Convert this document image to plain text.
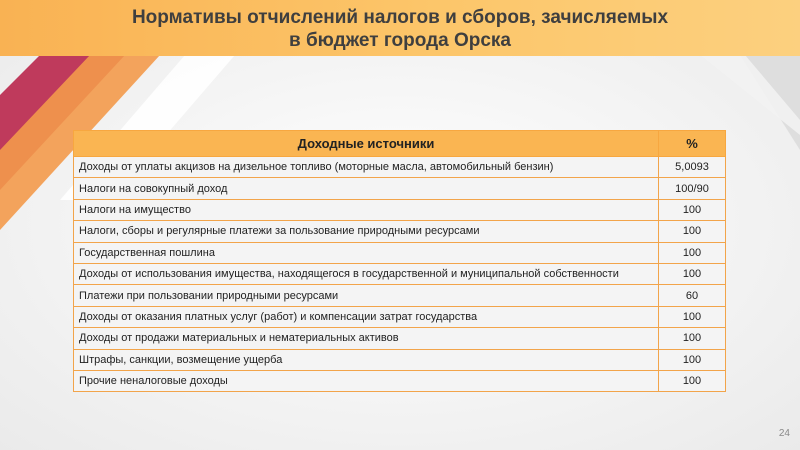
Нормативы отчислений налогов и сборов, зачисляемых
в бюджет города Орска
Доходные источники	%
Доходы от уплаты акцизов на дизельное топливо (моторные масла, автомобильный бензин)	5,0093
Налоги на совокупный доход	100/90
Налоги на имущество	100
Налоги, сборы и регулярные платежи за пользование природными ресурсами	100
Государственная пошлина	100
Доходы от использования имущества, находящегося в государственной и муниципальной собственности	100
Платежи при пользовании природными ресурсами	60
Доходы от оказания платных услуг (работ) и компенсации затрат государства	100
Доходы от продажи материальных и нематериальных активов	100
Штрафы, санкции, возмещение ущерба	100
Прочие неналоговые доходы	100
24
